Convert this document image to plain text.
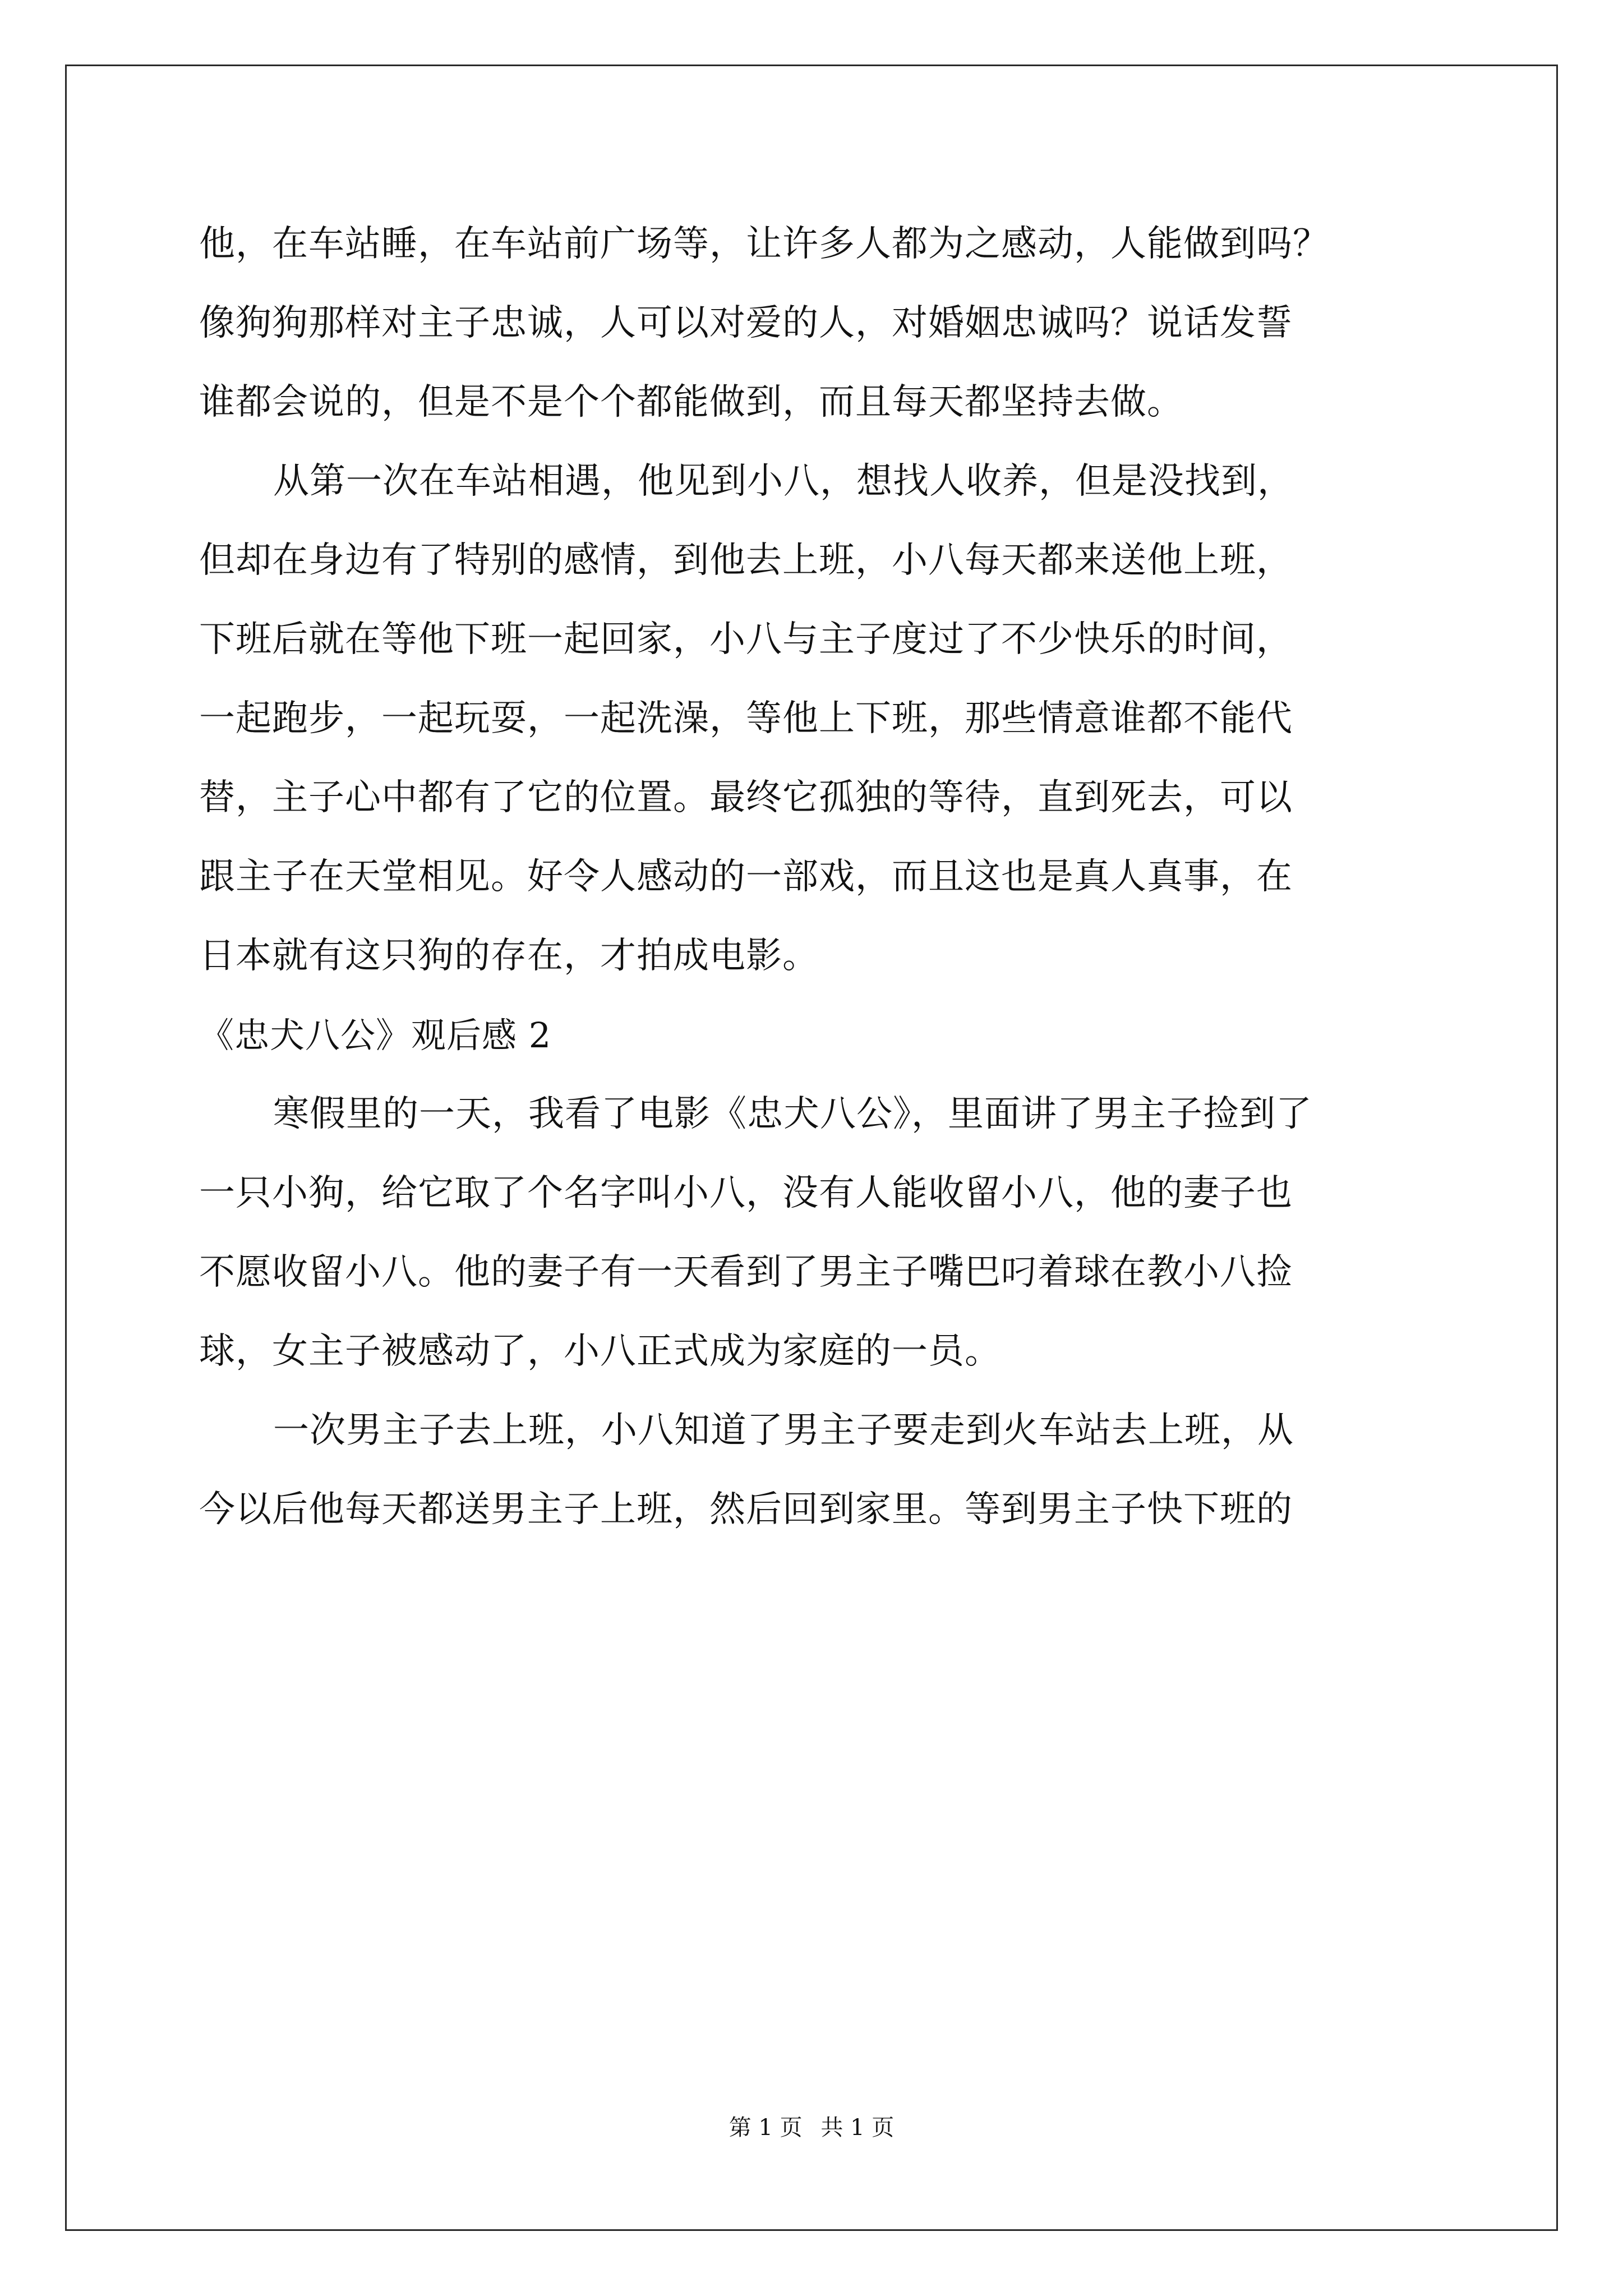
他，在车站睡，在车站前广场等，让许多人都为之感动，人能做到吗？
像狗狗那样对主子忠诚，人可以对爱的人，对婚姻忠诚吗？说话发誓
谁都会说的，但是不是个个都能做到，而且每天都坚持去做。
从第一次在车站相遇，他见到小八，想找人收养，但是没找到，
但却在身边有了特别的感情，到他去上班，小八每天都来送他上班，
下班后就在等他下班一起回家，小八与主子度过了不少快乐的时间，
一起跑步，一起玩耍，一起洗澡，等他上下班，那些情意谁都不能代
替，主子心中都有了它的位置。最终它孤独的等待，直到死去，可以
跟主子在天堂相见。好令人感动的一部戏，而且这也是真人真事，在
日本就有这只狗的存在，才拍成电影。
《忠犬八公》观后感 2
寒假里的一天，我看了电影《忠犬八公》，里面讲了男主子捡到了
一只小狗，给它取了个名字叫小八，没有人能收留小八，他的妻子也
不愿收留小八。他的妻子有一天看到了男主子嘴巴叼着球在教小八捡
球，女主子被感动了，小八正式成为家庭的一员。
一次男主子去上班，小八知道了男主子要走到火车站去上班，从
今以后他每天都送男主子上班，然后回到家里。等到男主子快下班的
第 1 页 共 1 页
